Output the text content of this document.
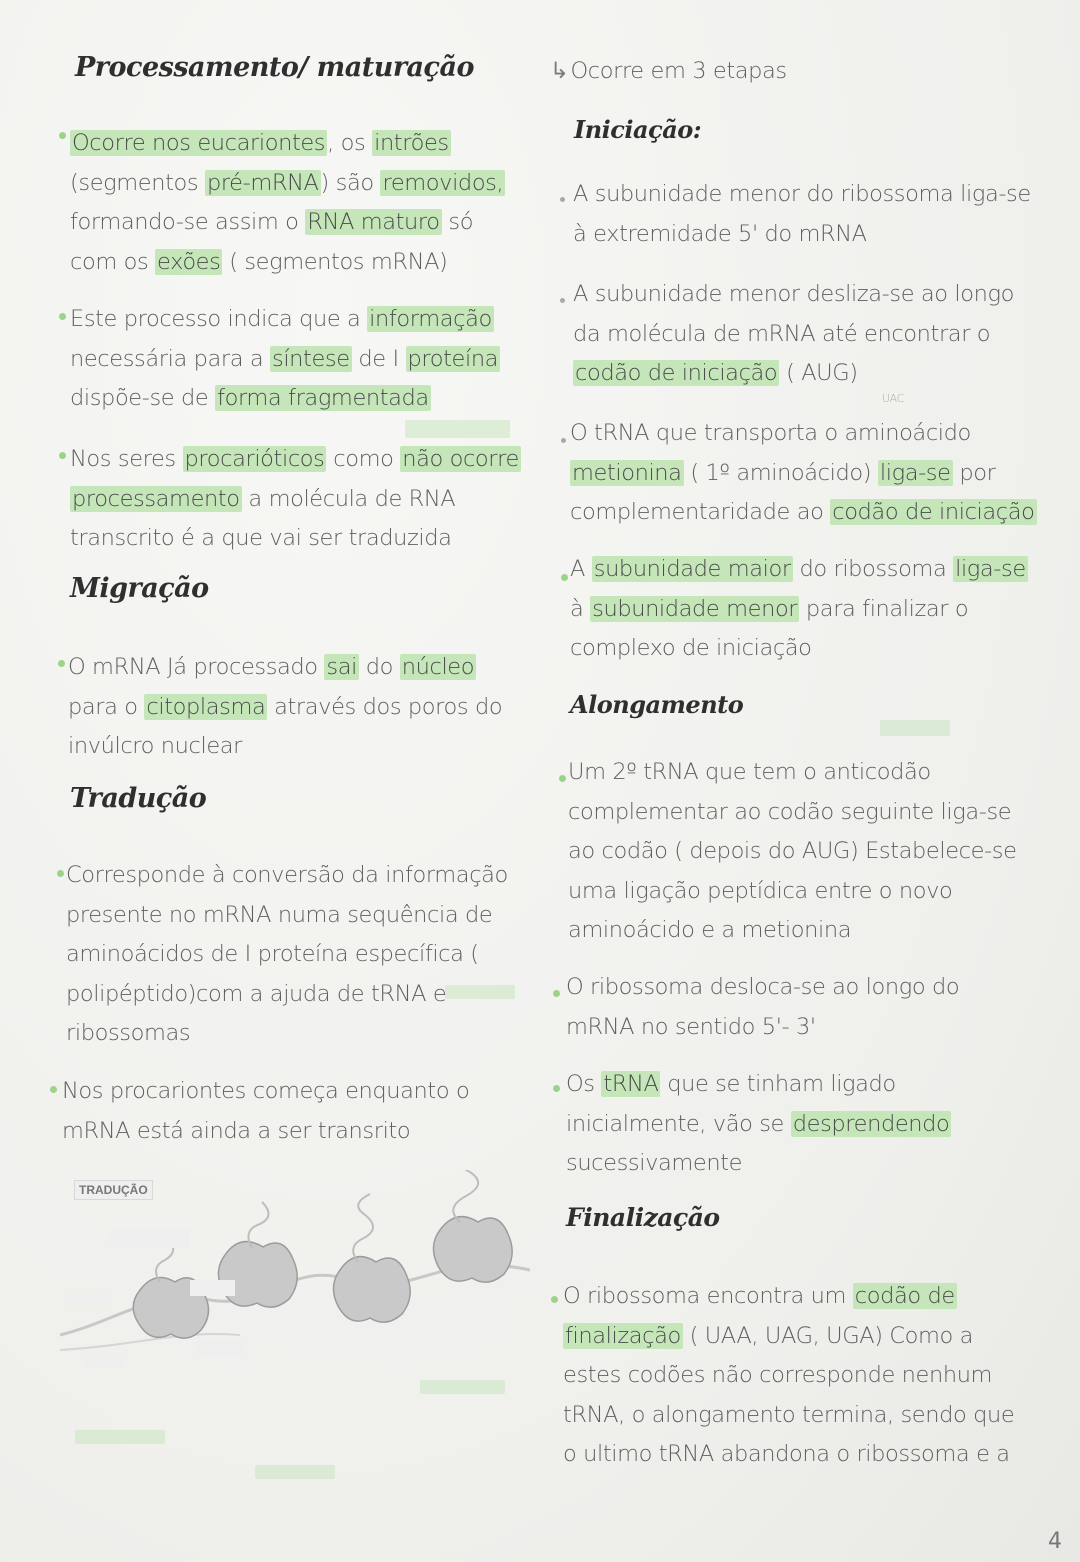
Processamento/ maturação
Ocorre nos eucariontes, os intrões
(segmentos pré-mRNA) são removidos,
formando-se assim o RNA maturo só
com os exões ( segmentos mRNA)
Este processo indica que a informação
necessária para a síntese de I proteína
dispõe-se de forma fragmentada
Nos seres procarióticos como não ocorre
processamento a molécula de RNA
transcrito é a que vai ser traduzida
Migração
O mRNA Já processado sai do núcleo
para o citoplasma através dos poros do
invúlcro nuclear
Tradução
Corresponde à conversão da informação
presente no mRNA numa sequência de
aminoácidos de I proteína específica (
polipéptido)com a ajuda de tRNA e
ribossomas
Nos procariontes começa enquanto o
mRNA está ainda a ser transrito
TRADUÇÃO
↳Ocorre em 3 etapas
Iniciação:
A subunidade menor do ribossoma liga-se
à extremidade 5' do mRNA
A subunidade menor desliza-se ao longo
da molécula de mRNA até encontrar o
codão de iniciação ( AUG)
UAC
O tRNA que transporta o aminoácido
metionina ( 1º aminoácido) liga-se por
complementaridade ao codão de iniciação
A subunidade maior do ribossoma liga-se
à subunidade menor para finalizar o
complexo de iniciação
Alongamento
Um 2º tRNA que tem o anticodão
complementar ao codão seguinte liga-se
ao codão ( depois do AUG) Estabelece-se
uma ligação peptídica entre o novo
aminoácido e a metionina
O ribossoma desloca-se ao longo do
mRNA no sentido 5'- 3'
Os tRNA que se tinham ligado
inicialmente, vão se desprendendo
sucessivamente
Finalização
O ribossoma encontra um codão de
finalização ( UAA, UAG, UGA) Como a
estes codões não corresponde nenhum
tRNA, o alongamento termina, sendo que
o ultimo tRNA abandona o ribossoma e a
4
